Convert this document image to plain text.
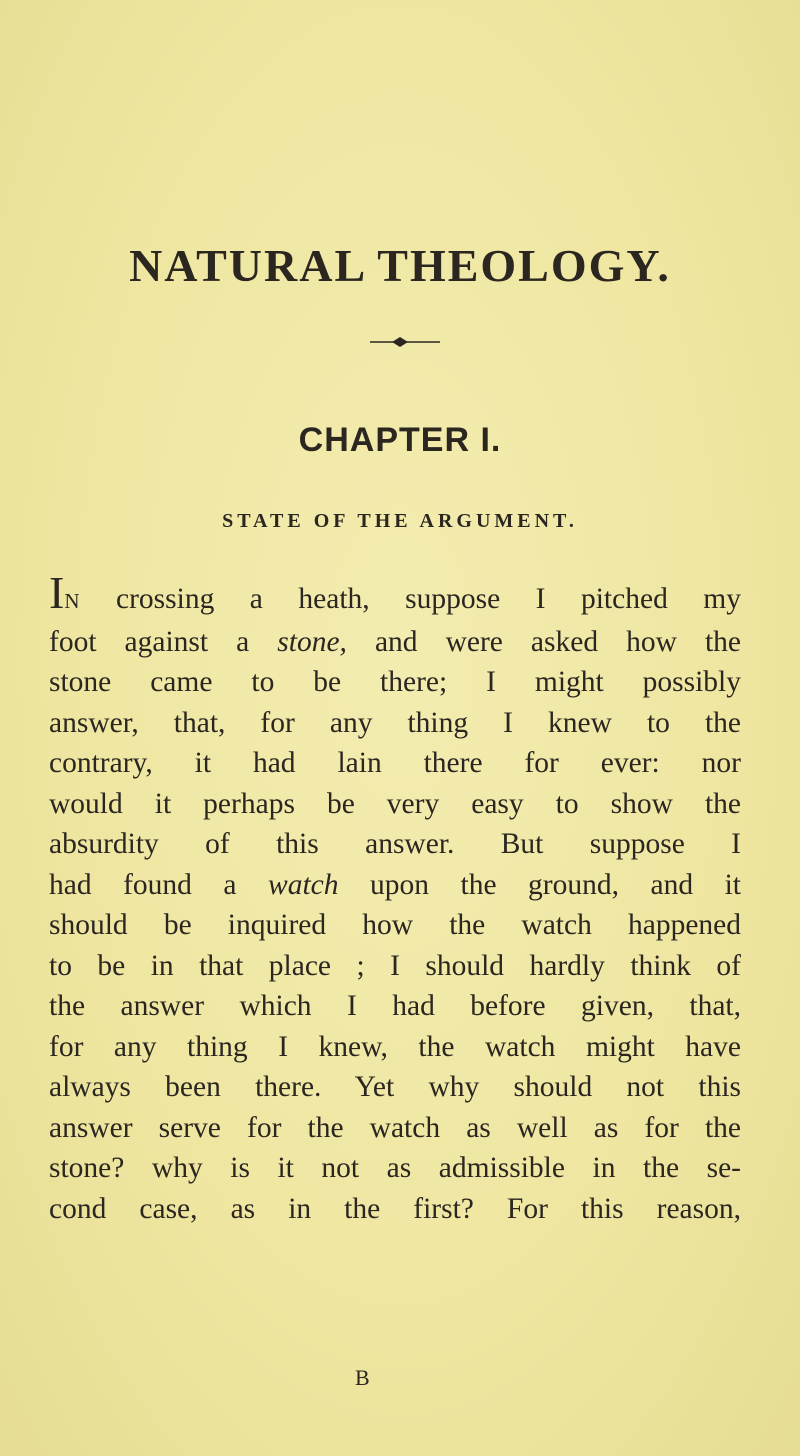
NATURAL THEOLOGY.
CHAPTER I.
STATE OF THE ARGUMENT.
IN crossing a heath, suppose I pitched my
foot against a stone, and were asked how the
stone came to be there; I might possibly
answer, that, for any thing I knew to the
contrary, it had lain there for ever: nor
would it perhaps be very easy to show the
absurdity of this answer. But suppose I
had found a watch upon the ground, and it
should be inquired how the watch happened
to be in that place ; I should hardly think of
the answer which I had before given, that,
for any thing I knew, the watch might have
always been there. Yet why should not this
answer serve for the watch as well as for the
stone? why is it not as admissible in the se-
cond case, as in the first? For this reason,

B
